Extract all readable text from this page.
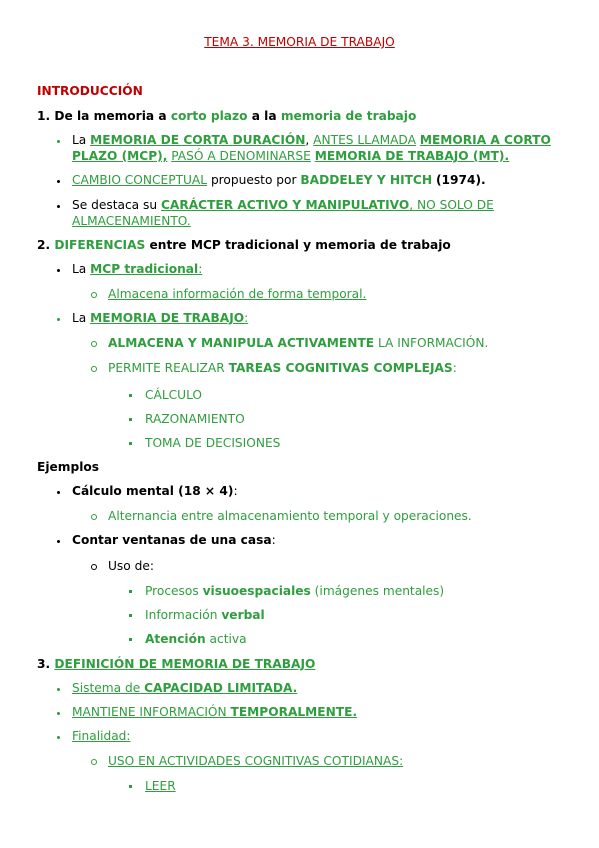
TEMA 3. MEMORIA DE TRABAJO
INTRODUCCIÓN
1. De la memoria a corto plazo a la memoria de trabajo
La MEMORIA DE CORTA DURACIÓN, ANTES LLAMADA MEMORIA A CORTO
PLAZO (MCP), PASÓ A DENOMINARSE MEMORIA DE TRABAJO (MT).
CAMBIO CONCEPTUAL propuesto por BADDELEY Y HITCH (1974).
Se destaca su CARÁCTER ACTIVO Y MANIPULATIVO, NO SOLO DE
ALMACENAMIENTO.
2. DIFERENCIAS entre MCP tradicional y memoria de trabajo
La MCP tradicional:
Almacena información de forma temporal.
La MEMORIA DE TRABAJO:
ALMACENA Y MANIPULA ACTIVAMENTE LA INFORMACIÓN.
PERMITE REALIZAR TAREAS COGNITIVAS COMPLEJAS:
CÁLCULO
RAZONAMIENTO
TOMA DE DECISIONES
Ejemplos
Cálculo mental (18 × 4):
Alternancia entre almacenamiento temporal y operaciones.
Contar ventanas de una casa:
Uso de:
Procesos visuoespaciales (imágenes mentales)
Información verbal
Atención activa
3. DEFINICIÓN DE MEMORIA DE TRABAJO
Sistema de CAPACIDAD LIMITADA.
MANTIENE INFORMACIÓN TEMPORALMENTE.
Finalidad:
USO EN ACTIVIDADES COGNITIVAS COTIDIANAS:
LEER
